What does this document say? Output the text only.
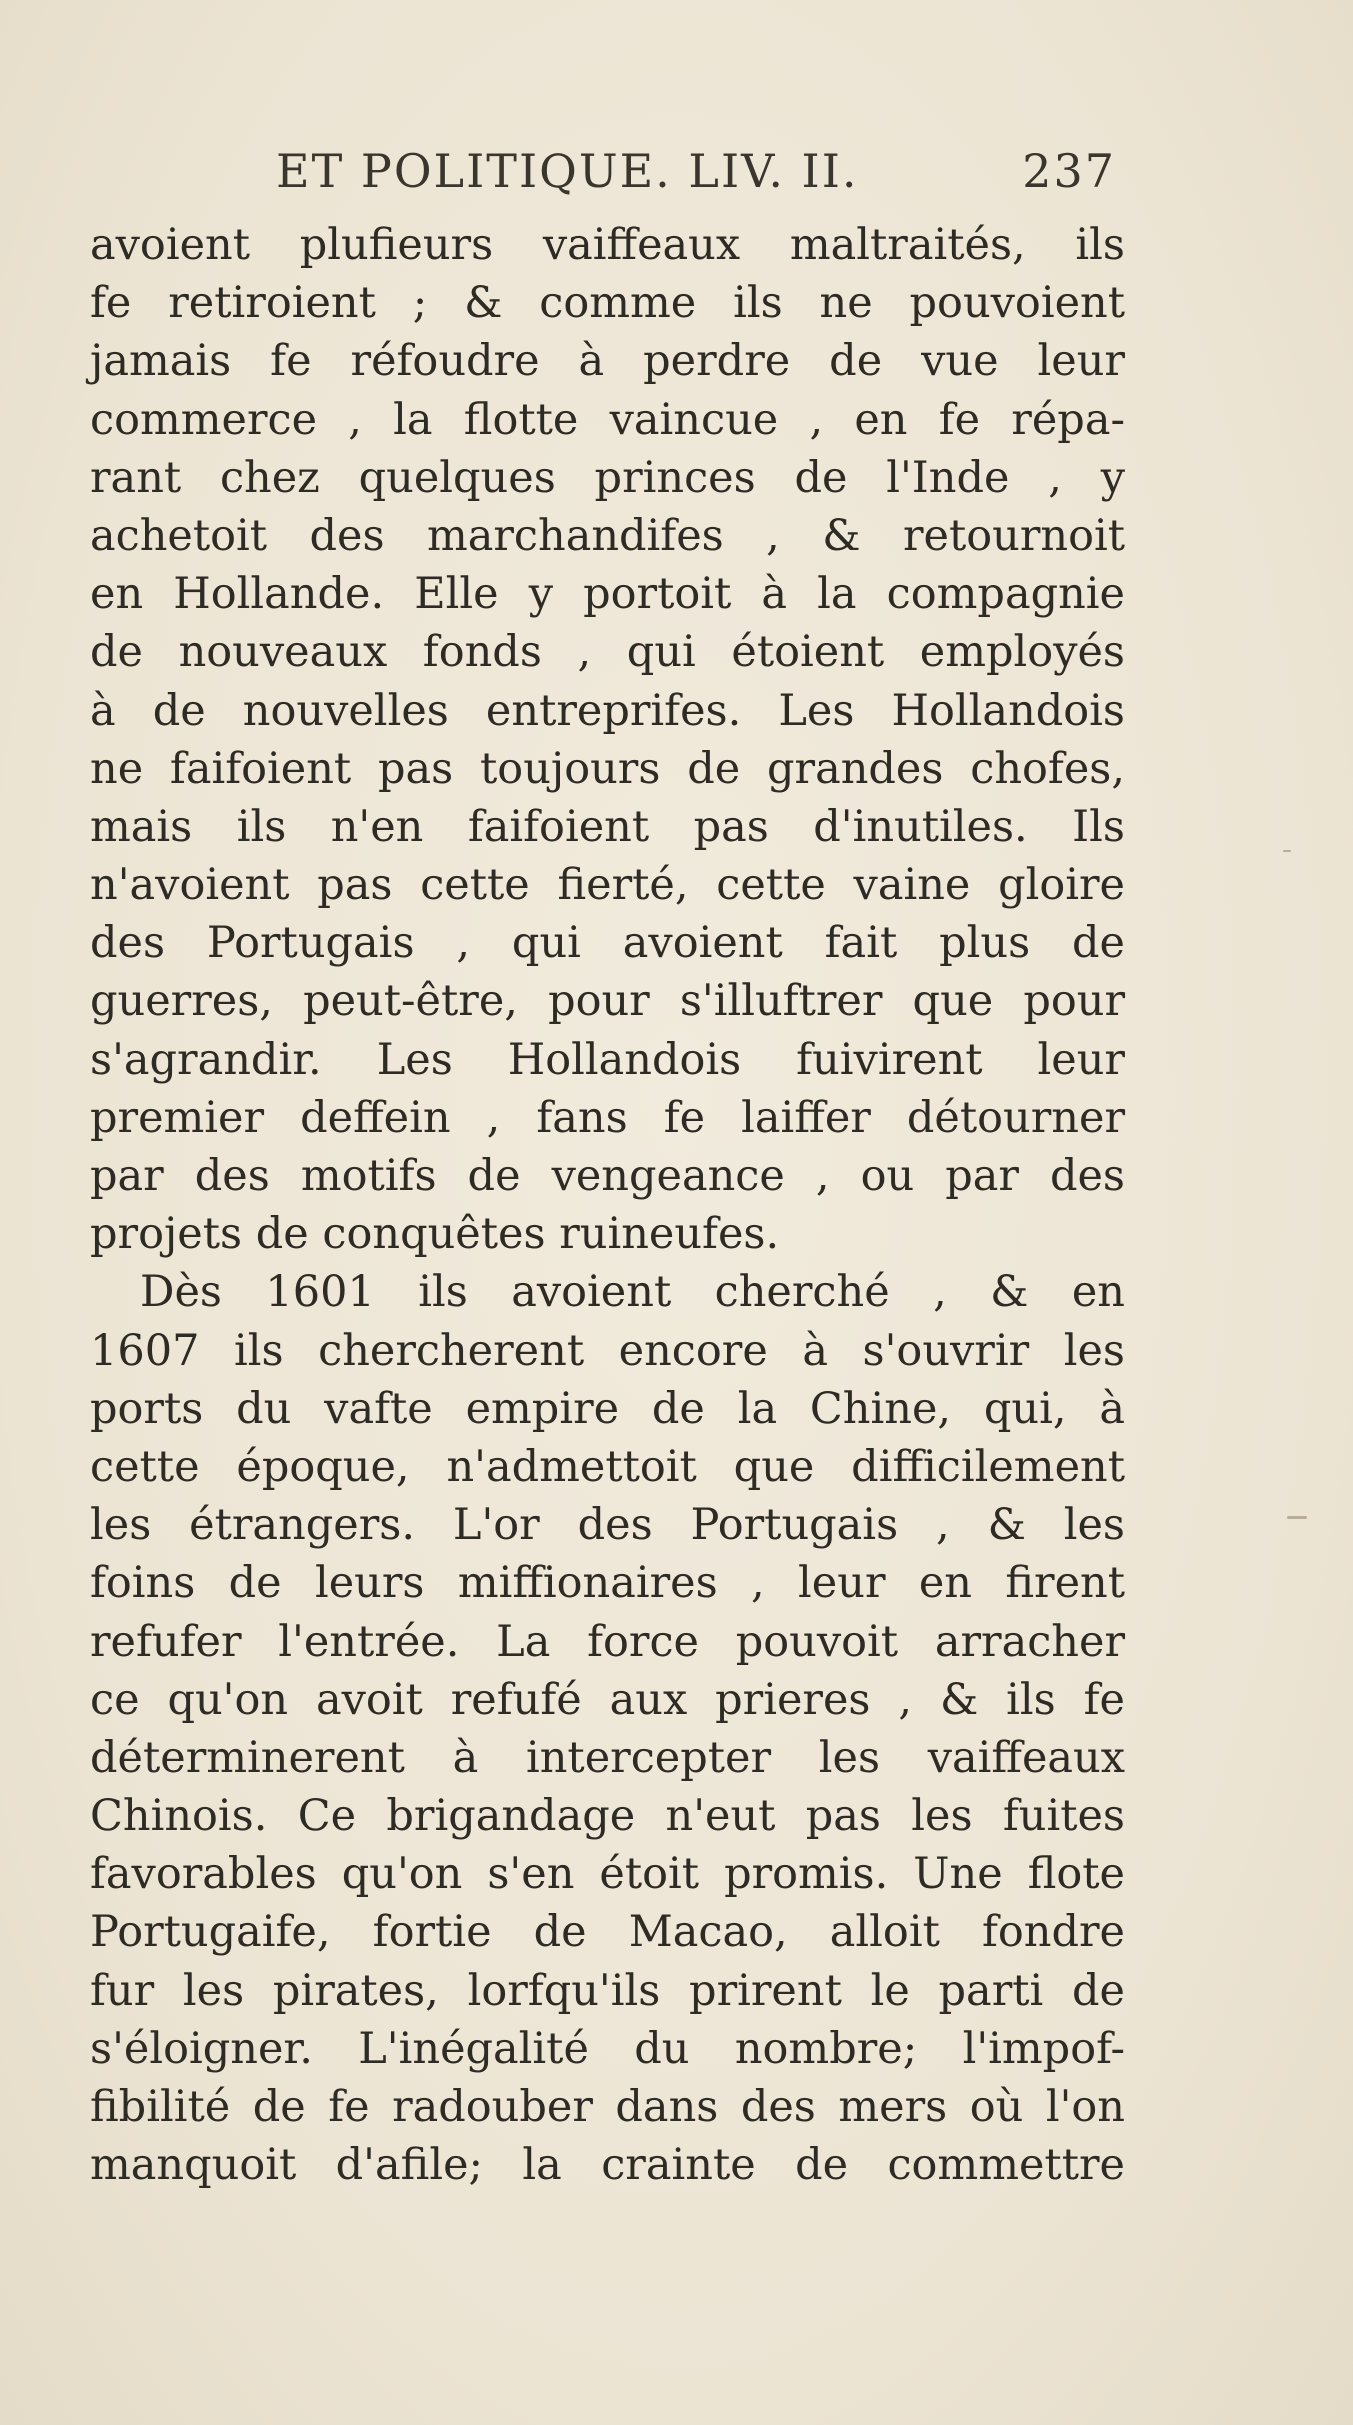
ET POLITIQUE. LIV. II.	237
avoient plufieurs vaiffeaux maltraités, ils
fe retiroient ; & comme ils ne pouvoient
jamais fe réfoudre à perdre de vue leur
commerce , la flotte vaincue , en fe répa-
rant chez quelques princes de l'Inde , y
achetoit des marchandifes , & retournoit
en Hollande. Elle y portoit à la compagnie
de nouveaux fonds , qui étoient employés
à de nouvelles entreprifes. Les Hollandois
ne faifoient pas toujours de grandes chofes,
mais ils n'en faifoient pas d'inutiles. Ils
n'avoient pas cette fierté, cette vaine gloire
des Portugais , qui avoient fait plus de
guerres, peut-être, pour s'illuftrer que pour
s'agrandir. Les Hollandois fuivirent leur
premier deffein , fans fe laiffer détourner
par des motifs de vengeance , ou par des
projets de conquêtes ruineufes.
Dès 1601 ils avoient cherché , & en
1607 ils chercherent encore à s'ouvrir les
ports du vafte empire de la Chine, qui, à
cette époque, n'admettoit que difficilement
les étrangers. L'or des Portugais , & les
foins de leurs miffionaires , leur en firent
refufer l'entrée. La force pouvoit arracher
ce qu'on avoit refufé aux prieres , & ils fe
déterminerent à intercepter les vaiffeaux
Chinois. Ce brigandage n'eut pas les fuites
favorables qu'on s'en étoit promis. Une flote
Portugaife, fortie de Macao, alloit fondre
fur les pirates, lorfqu'ils prirent le parti de
s'éloigner. L'inégalité du nombre; l'impof-
fibilité de fe radouber dans des mers où l'on
manquoit d'afile; la crainte de commettre
